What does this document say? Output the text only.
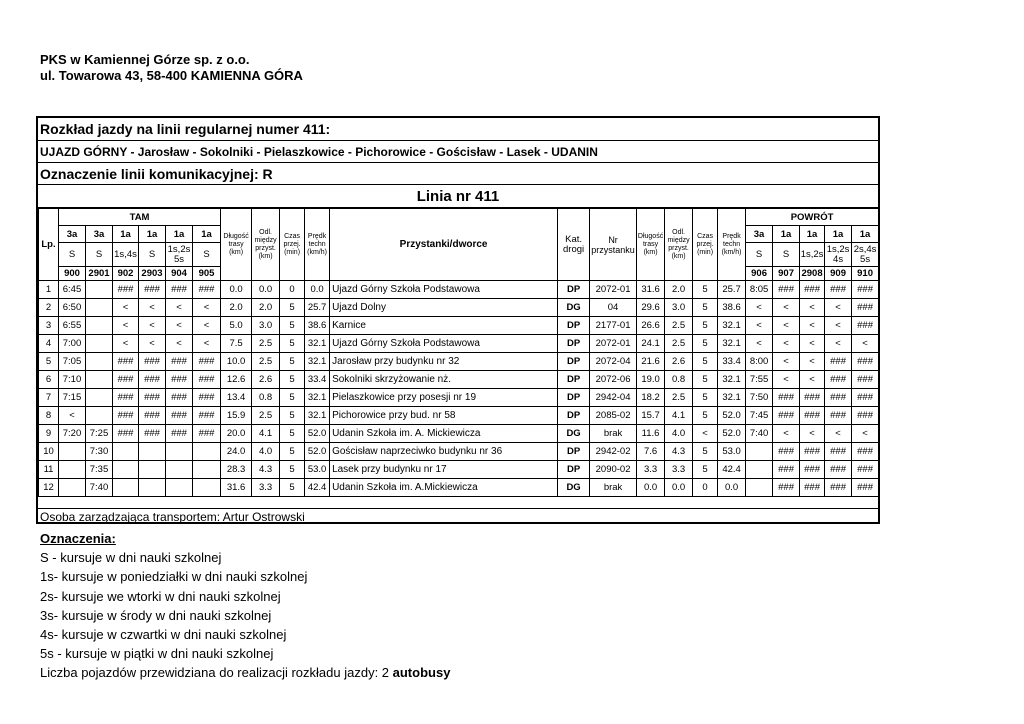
PKS w Kamiennej Górze sp. z o.o.
ul. Towarowa 43, 58-400 KAMIENNA GÓRA
Rozkład jazdy na linii regularnej numer 411:
UJAZD GÓRNY - Jarosław - Sokolniki - Pielaszkowice - Pichorowice - Gościsław - Lasek - UDANIN
Oznaczenie linii komunikacyjnej: R
Linia nr 411
Lp.	TAM						Długość trasy (km)	Odl. między przyst. (km)	Czas przej. (min)	Prędk techn (km/h)	Przystanki/dworce	Kat. drogi	Nr przystanku	Długość trasy (km)	Odl. między przyst. (km)	Czas przej. (min)	Prędk techn (km/h)	POWRÓT				
	3a	3a	1a	1a	1a	1a												3a	1a	1a	1a	1a
	S	S	1s,4s	S	1s,2s 5s	S												S	S	1s,2s	1s,2s 4s	2s,4s 5s
	900	2901	902	2903	904	905												906	907	2908	909	910
1	6:45		###	###	###	###	0.0	0.0	0	0.0	Ujazd Górny Szkoła Podstawowa	DP	2072-01	31.6	2.0	5	25.7	8:05	###	###	###	###
2	6:50		<	<	<	<	2.0	2.0	5	25.7	Ujazd Dolny	DG	04	29.6	3.0	5	38.6	<	<	<	<	###
3	6:55		<	<	<	<	5.0	3.0	5	38.6	Karnice	DP	2177-01	26.6	2.5	5	32.1	<	<	<	<	###
4	7:00		<	<	<	<	7.5	2.5	5	32.1	Ujazd Górny Szkoła Podstawowa	DP	2072-01	24.1	2.5	5	32.1	<	<	<	<	<
5	7:05		###	###	###	###	10.0	2.5	5	32.1	Jarosław przy budynku nr 32	DP	2072-04	21.6	2.6	5	33.4	8:00	<	<	###	###
6	7:10		###	###	###	###	12.6	2.6	5	33.4	Sokolniki skrzyżowanie nż.	DP	2072-06	19.0	0.8	5	32.1	7:55	<	<	###	###
7	7:15		###	###	###	###	13.4	0.8	5	32.1	Pielaszkowice przy posesji nr 19	DP	2942-04	18.2	2.5	5	32.1	7:50	###	###	###	###
8	<		###	###	###	###	15.9	2.5	5	32.1	Pichorowice przy bud. nr 58	DP	2085-02	15.7	4.1	5	52.0	7:45	###	###	###	###
9	7:20	7:25	###	###	###	###	20.0	4.1	5	52.0	Udanin Szkoła im. A. Mickiewicza	DG	brak	11.6	4.0	<	52.0	7:40	<	<	<	<
10		7:30					24.0	4.0	5	52.0	Gościsław naprzeciwko budynku nr 36	DP	2942-02	7.6	4.3	5	53.0		###	###	###	###
11		7:35					28.3	4.3	5	53.0	Lasek przy budynku nr 17	DP	2090-02	3.3	3.3	5	42.4		###	###	###	###
12		7:40					31.6	3.3	5	42.4	Udanin Szkoła im. A.Mickiewicza	DG	brak	0.0	0.0	0	0.0		###	###	###	###
Osoba zarządzająca transportem: Artur Ostrowski
Oznaczenia:
S - kursuje w dni nauki szkolnej
1s- kursuje w poniedziałki w dni nauki szkolnej
2s- kursuje we wtorki w dni nauki szkolnej
3s- kursuje w środy w dni nauki szkolnej
4s- kursuje w czwartki w dni nauki szkolnej
5s - kursuje w piątki w dni nauki szkolnej
Liczba pojazdów przewidziana do realizacji rozkładu jazdy: 2 autobusy
